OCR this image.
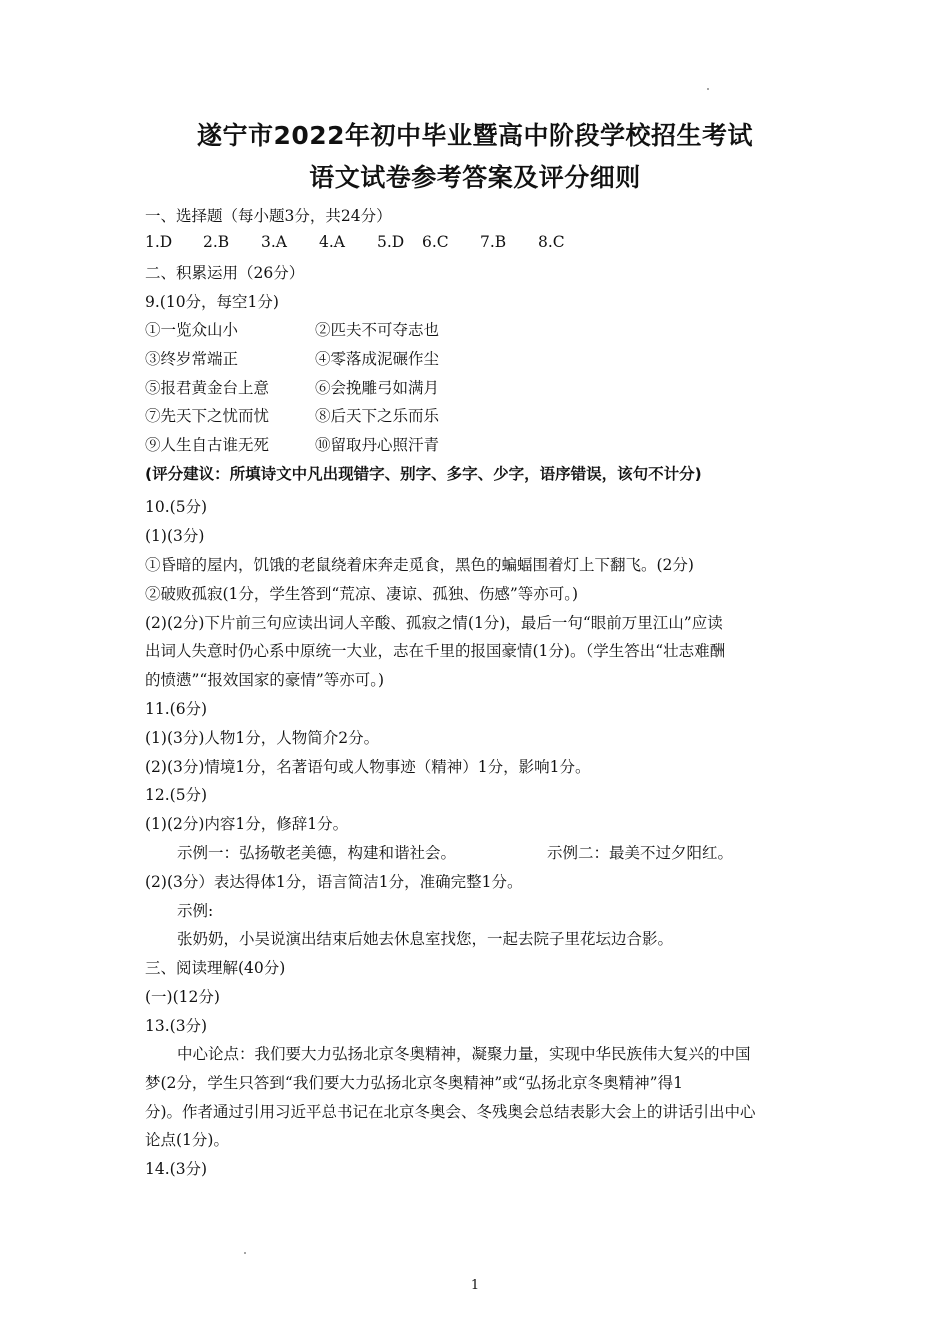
遂宁市2022年初中毕业暨高中阶段学校招生考试
语文试卷参考答案及评分细则
一、选择题（每小题3分，共24分）
1.D	2.B	3.A	4.A	5.D	6.C	7.B	8.C
二、积累运用（26分）
9.(10分，每空1分)
①一览众山小	②匹夫不可夺志也
③终岁常端正	④零落成泥碾作尘
⑤报君黄金台上意	⑥会挽雕弓如满月
⑦先天下之忧而忧	⑧后天下之乐而乐
⑨人生自古谁无死	⑩留取丹心照汗青
(评分建议：所填诗文中凡出现错字、别字、多字、少字，语序错误，该句不计分)
10.(5分)
(1)(3分)
①昏暗的屋内，饥饿的老鼠绕着床奔走觅食，黑色的蝙蝠围着灯上下翻飞。(2分)
②破败孤寂(1分，学生答到“荒凉、凄谅、孤独、伤感”等亦可。)
(2)(2分)下片前三句应读出词人辛酸、孤寂之情(1分)，最后一句“眼前万里江山”应读
出词人失意时仍心系中原统一大业，志在千里的报国豪情(1分)。（学生答出“壮志难酬
的愤懑”“报效国家的豪情”等亦可。)
11.(6分)
(1)(3分)人物1分，人物简介2分。
(2)(3分)情境1分，名著语句或人物事迹（精神）1分，影响1分。
12.(5分)
(1)(2分)内容1分，修辞1分。
示例一：弘扬敬老美德，构建和谐社会。	示例二：最美不过夕阳红。
(2)(3分）表达得体1分，语言简洁1分，准确完整1分。
示例:
张奶奶，小吴说演出结束后她去休息室找您，一起去院子里花坛边合影。
三、阅读理解(40分)
(一)(12分)
13.(3分)
中心论点：我们要大力弘扬北京冬奥精神，凝聚力量，实现中华民族伟大复兴的中国
梦(2分，学生只答到“我们要大力弘扬北京冬奥精神”或“弘扬北京冬奥精神”得1
分)。作者通过引用习近平总书记在北京冬奥会、冬残奥会总结表影大会上的讲话引出中心
论点(1分)。
14.(3分)
1
